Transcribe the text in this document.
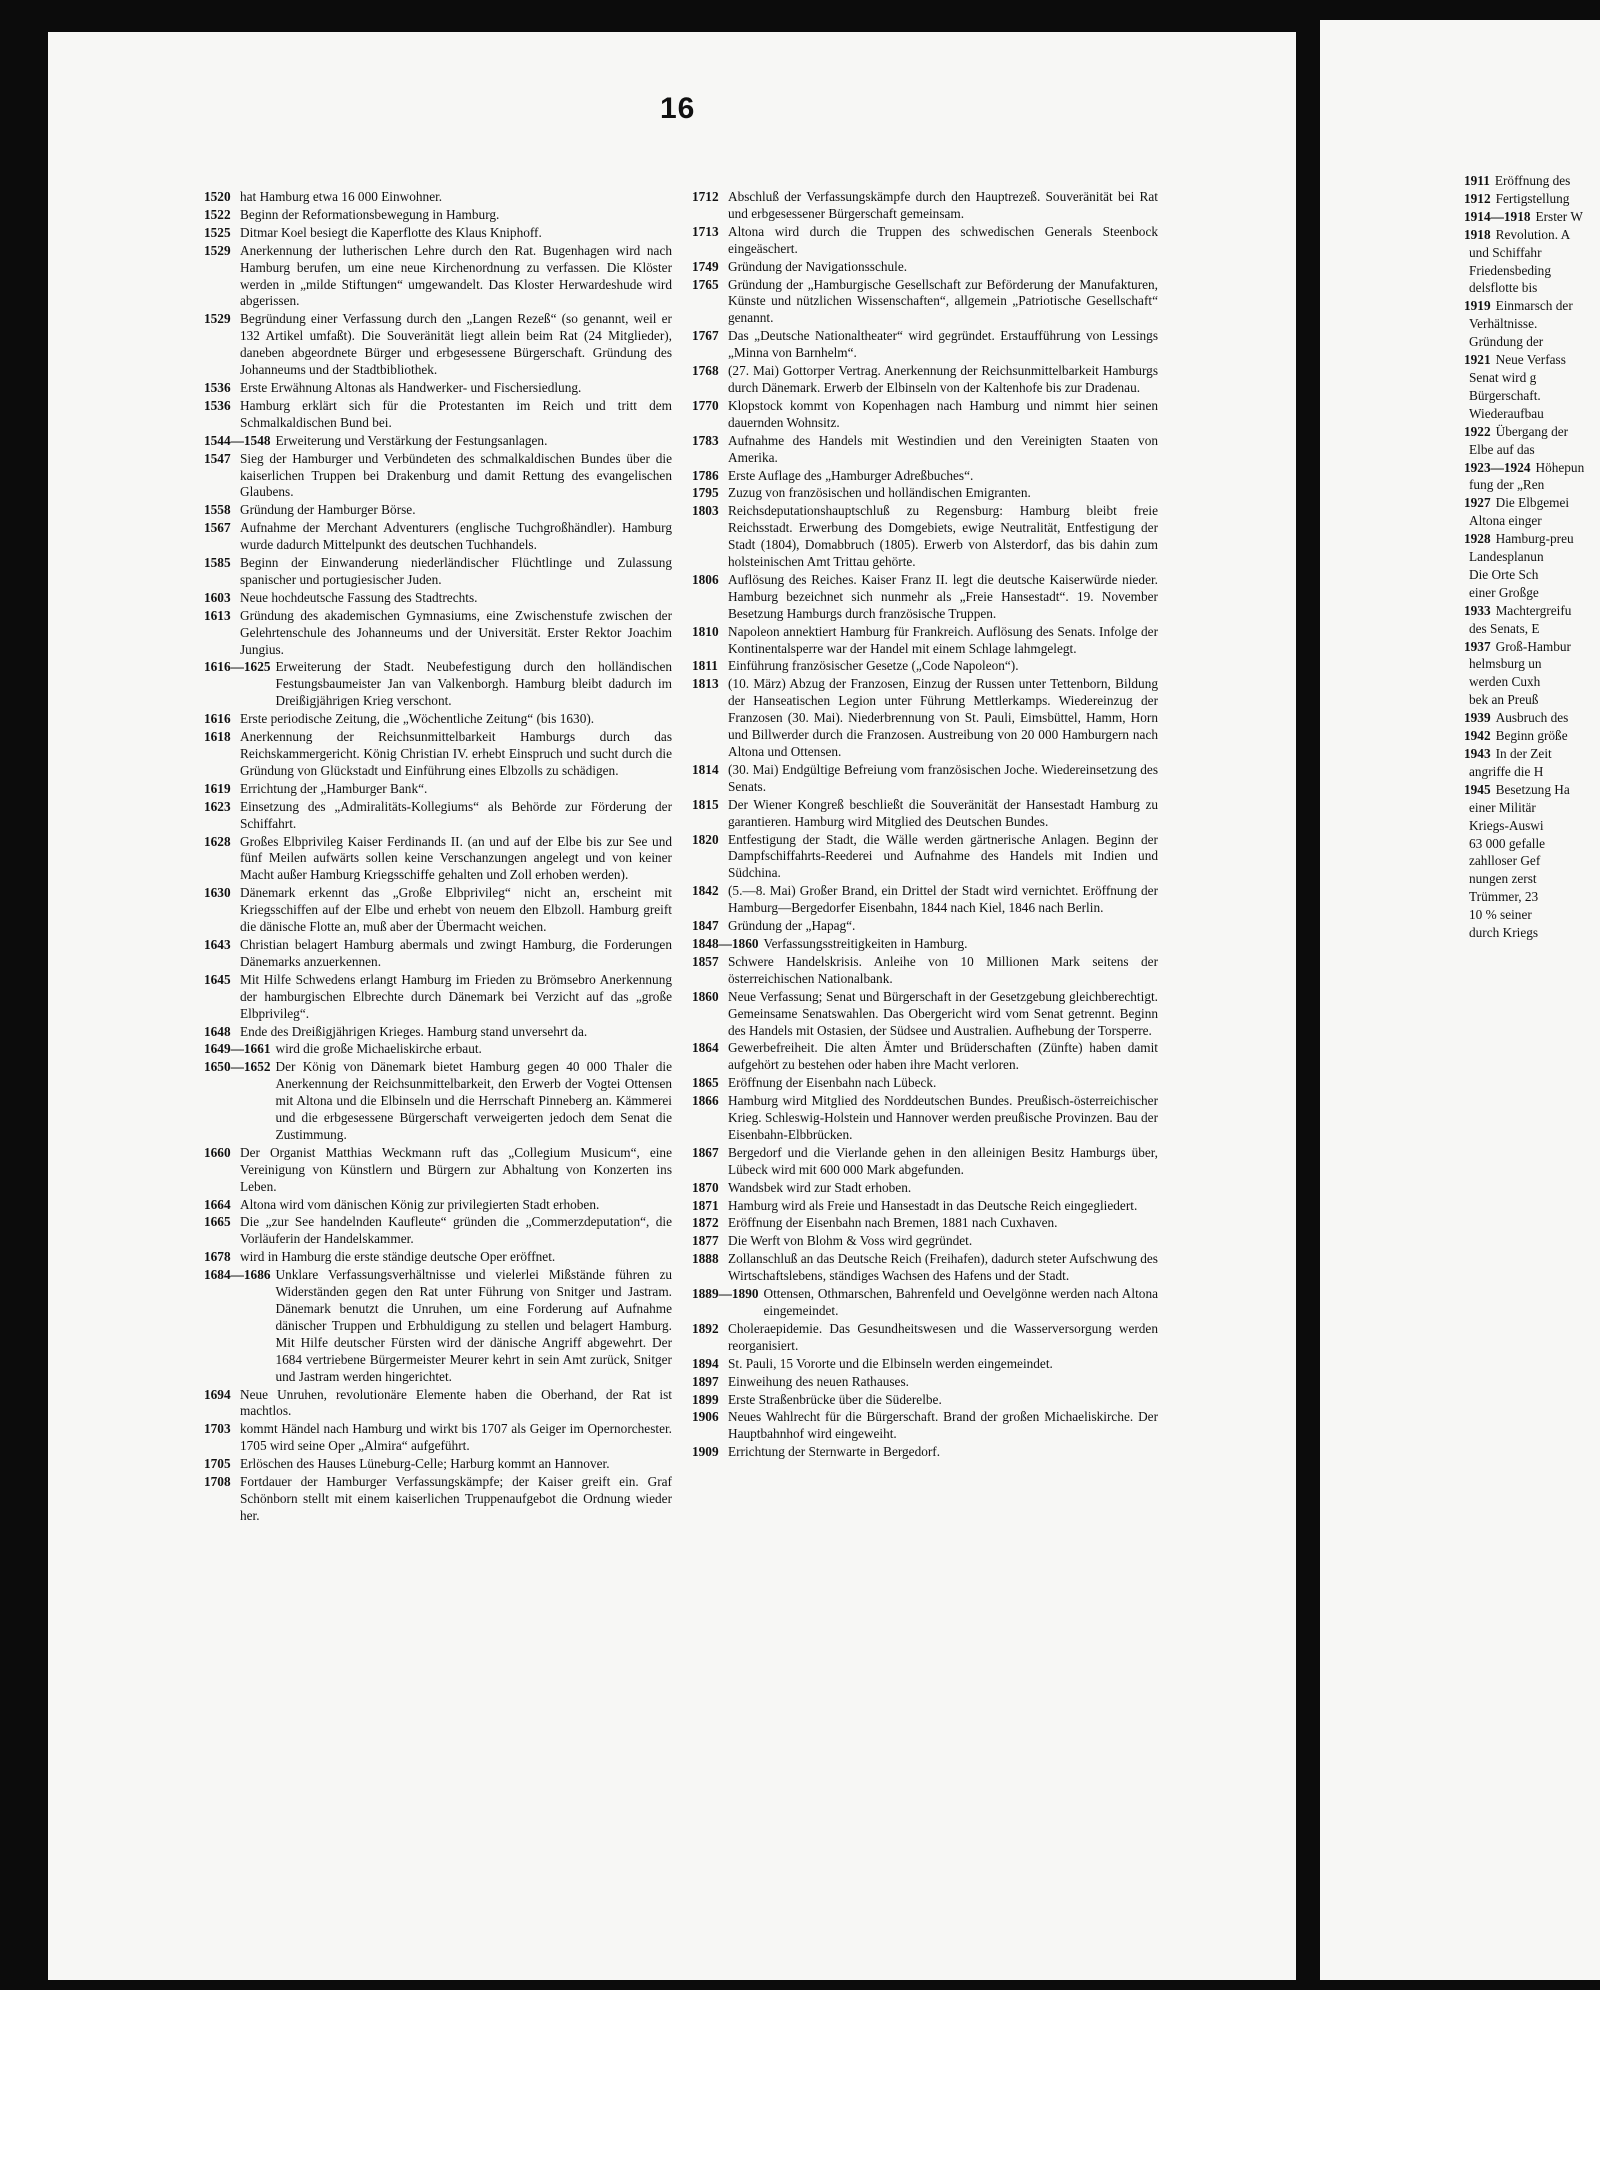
16
1520 hat Hamburg etwa 16 000 Einwohner.
1522 Beginn der Reformationsbewegung in Hamburg.
1525 Ditmar Koel besiegt die Kaperflotte des Klaus Kniphoff.
1529 Anerkennung der lutherischen Lehre durch den Rat. Bugenhagen wird nach Hamburg berufen, um eine neue Kirchenordnung zu verfassen. Die Klöster werden in „milde Stiftungen“ umgewandelt. Das Kloster Herwardeshude wird abgerissen.
1529 Begründung einer Verfassung durch den „Langen Rezeß“ (so genannt, weil er 132 Artikel umfaßt). Die Souveränität liegt allein beim Rat (24 Mitglieder), daneben abgeordnete Bürger und erbgesessene Bürgerschaft. Gründung des Johanneums und der Stadtbibliothek.
1536 Erste Erwähnung Altonas als Handwerker- und Fischersiedlung.
1536 Hamburg erklärt sich für die Protestanten im Reich und tritt dem Schmalkaldischen Bund bei.
1544—1548 Erweiterung und Verstärkung der Festungsanlagen.
1547 Sieg der Hamburger und Verbündeten des schmalkaldischen Bundes über die kaiserlichen Truppen bei Drakenburg und damit Rettung des evangelischen Glaubens.
1558 Gründung der Hamburger Börse.
1567 Aufnahme der Merchant Adventurers (englische Tuchgroßhändler). Hamburg wurde dadurch Mittelpunkt des deutschen Tuchhandels.
1585 Beginn der Einwanderung niederländischer Flüchtlinge und Zulassung spanischer und portugiesischer Juden.
1603 Neue hochdeutsche Fassung des Stadtrechts.
1613 Gründung des akademischen Gymnasiums, eine Zwischenstufe zwischen der Gelehrtenschule des Johanneums und der Universität. Erster Rektor Joachim Jungius.
1616—1625 Erweiterung der Stadt. Neubefestigung durch den holländischen Festungsbaumeister Jan van Valkenborgh. Hamburg bleibt dadurch im Dreißigjährigen Krieg verschont.
1616 Erste periodische Zeitung, die „Wöchentliche Zeitung“ (bis 1630).
1618 Anerkennung der Reichsunmittelbarkeit Hamburgs durch das Reichskammergericht. König Christian IV. erhebt Einspruch und sucht durch die Gründung von Glückstadt und Einführung eines Elbzolls zu schädigen.
1619 Errichtung der „Hamburger Bank“.
1623 Einsetzung des „Admiralitäts-Kollegiums“ als Behörde zur Förderung der Schiffahrt.
1628 Großes Elbprivileg Kaiser Ferdinands II. (an und auf der Elbe bis zur See und fünf Meilen aufwärts sollen keine Verschanzungen angelegt und von keiner Macht außer Hamburg Kriegsschiffe gehalten und Zoll erhoben werden).
1630 Dänemark erkennt das „Große Elbprivileg“ nicht an, erscheint mit Kriegsschiffen auf der Elbe und erhebt von neuem den Elbzoll. Hamburg greift die dänische Flotte an, muß aber der Übermacht weichen.
1643 Christian belagert Hamburg abermals und zwingt Hamburg, die Forderungen Dänemarks anzuerkennen.
1645 Mit Hilfe Schwedens erlangt Hamburg im Frieden zu Brömsebro Anerkennung der hamburgischen Elbrechte durch Dänemark bei Verzicht auf das „große Elbprivileg“.
1648 Ende des Dreißigjährigen Krieges. Hamburg stand unversehrt da.
1649—1661 wird die große Michaeliskirche erbaut.
1650—1652 Der König von Dänemark bietet Hamburg gegen 40 000 Thaler die Anerkennung der Reichsunmittelbarkeit, den Erwerb der Vogtei Ottensen mit Altona und die Elbinseln und die Herrschaft Pinneberg an. Kämmerei und die erbgesessene Bürgerschaft verweigerten jedoch dem Senat die Zustimmung.
1660 Der Organist Matthias Weckmann ruft das „Collegium Musicum“, eine Vereinigung von Künstlern und Bürgern zur Abhaltung von Konzerten ins Leben.
1664 Altona wird vom dänischen König zur privilegierten Stadt erhoben.
1665 Die „zur See handelnden Kaufleute“ gründen die „Commerzdeputation“, die Vorläuferin der Handelskammer.
1678 wird in Hamburg die erste ständige deutsche Oper eröffnet.
1684—1686 Unklare Verfassungsverhältnisse und vielerlei Mißstände führen zu Widerständen gegen den Rat unter Führung von Snitger und Jastram. Dänemark benutzt die Unruhen, um eine Forderung auf Aufnahme dänischer Truppen und Erbhuldigung zu stellen und belagert Hamburg. Mit Hilfe deutscher Fürsten wird der dänische Angriff abgewehrt. Der 1684 vertriebene Bürgermeister Meurer kehrt in sein Amt zurück, Snitger und Jastram werden hingerichtet.
1694 Neue Unruhen, revolutionäre Elemente haben die Oberhand, der Rat ist machtlos.
1703 kommt Händel nach Hamburg und wirkt bis 1707 als Geiger im Opernorchester. 1705 wird seine Oper „Almira“ aufgeführt.
1705 Erlöschen des Hauses Lüneburg-Celle; Harburg kommt an Hannover.
1708 Fortdauer der Hamburger Verfassungskämpfe; der Kaiser greift ein. Graf Schönborn stellt mit einem kaiserlichen Truppenaufgebot die Ordnung wieder her.
1712 Abschluß der Verfassungskämpfe durch den Hauptrezeß. Souveränität bei Rat und erbgesessener Bürgerschaft gemeinsam.
1713 Altona wird durch die Truppen des schwedischen Generals Steenbock eingeäschert.
1749 Gründung der Navigationsschule.
1765 Gründung der „Hamburgische Gesellschaft zur Beförderung der Manufakturen, Künste und nützlichen Wissenschaften“, allgemein „Patriotische Gesellschaft“ genannt.
1767 Das „Deutsche Nationaltheater“ wird gegründet. Erstaufführung von Lessings „Minna von Barnhelm“.
1768 (27. Mai) Gottorper Vertrag. Anerkennung der Reichsunmittelbarkeit Hamburgs durch Dänemark. Erwerb der Elbinseln von der Kaltenhofe bis zur Dradenau.
1770 Klopstock kommt von Kopenhagen nach Hamburg und nimmt hier seinen dauernden Wohnsitz.
1783 Aufnahme des Handels mit Westindien und den Vereinigten Staaten von Amerika.
1786 Erste Auflage des „Hamburger Adreßbuches“.
1795 Zuzug von französischen und holländischen Emigranten.
1803 Reichsdeputationshauptschluß zu Regensburg: Hamburg bleibt freie Reichsstadt. Erwerbung des Domgebiets, ewige Neutralität, Entfestigung der Stadt (1804), Domabbruch (1805). Erwerb von Alsterdorf, das bis dahin zum holsteinischen Amt Trittau gehörte.
1806 Auflösung des Reiches. Kaiser Franz II. legt die deutsche Kaiserwürde nieder. Hamburg bezeichnet sich nunmehr als „Freie Hansestadt“. 19. November Besetzung Hamburgs durch französische Truppen.
1810 Napoleon annektiert Hamburg für Frankreich. Auflösung des Senats. Infolge der Kontinentalsperre war der Handel mit einem Schlage lahmgelegt.
1811 Einführung französischer Gesetze („Code Napoleon“).
1813 (10. März) Abzug der Franzosen, Einzug der Russen unter Tettenborn, Bildung der Hanseatischen Legion unter Führung Mettlerkamps. Wiedereinzug der Franzosen (30. Mai). Niederbrennung von St. Pauli, Eimsbüttel, Hamm, Horn und Billwerder durch die Franzosen. Austreibung von 20 000 Hamburgern nach Altona und Ottensen.
1814 (30. Mai) Endgültige Befreiung vom französischen Joche. Wiedereinsetzung des Senats.
1815 Der Wiener Kongreß beschließt die Souveränität der Hansestadt Hamburg zu garantieren. Hamburg wird Mitglied des Deutschen Bundes.
1820 Entfestigung der Stadt, die Wälle werden gärtnerische Anlagen. Beginn der Dampfschiffahrts-Reederei und Aufnahme des Handels mit Indien und Südchina.
1842 (5.—8. Mai) Großer Brand, ein Drittel der Stadt wird vernichtet. Eröffnung der Hamburg—Bergedorfer Eisenbahn, 1844 nach Kiel, 1846 nach Berlin.
1847 Gründung der „Hapag“.
1848—1860 Verfassungsstreitigkeiten in Hamburg.
1857 Schwere Handelskrisis. Anleihe von 10 Millionen Mark seitens der österreichischen Nationalbank.
1860 Neue Verfassung; Senat und Bürgerschaft in der Gesetzgebung gleichberechtigt. Gemeinsame Senatswahlen. Das Obergericht wird vom Senat getrennt. Beginn des Handels mit Ostasien, der Südsee und Australien. Aufhebung der Torsperre.
1864 Gewerbefreiheit. Die alten Ämter und Brüderschaften (Zünfte) haben damit aufgehört zu bestehen oder haben ihre Macht verloren.
1865 Eröffnung der Eisenbahn nach Lübeck.
1866 Hamburg wird Mitglied des Norddeutschen Bundes. Preußisch-österreichischer Krieg. Schleswig-Holstein und Hannover werden preußische Provinzen. Bau der Eisenbahn-Elbbrücken.
1867 Bergedorf und die Vierlande gehen in den alleinigen Besitz Hamburgs über, Lübeck wird mit 600 000 Mark abgefunden.
1870 Wandsbek wird zur Stadt erhoben.
1871 Hamburg wird als Freie und Hansestadt in das Deutsche Reich eingegliedert.
1872 Eröffnung der Eisenbahn nach Bremen, 1881 nach Cuxhaven.
1877 Die Werft von Blohm & Voss wird gegründet.
1888 Zollanschluß an das Deutsche Reich (Freihafen), dadurch steter Aufschwung des Wirtschaftslebens, ständiges Wachsen des Hafens und der Stadt.
1889—1890 Ottensen, Othmarschen, Bahrenfeld und Oevelgönne werden nach Altona eingemeindet.
1892 Choleraepidemie. Das Gesundheitswesen und die Wasserversorgung werden reorganisiert.
1894 St. Pauli, 15 Vororte und die Elbinseln werden eingemeindet.
1897 Einweihung des neuen Rathauses.
1899 Erste Straßenbrücke über die Süderelbe.
1906 Neues Wahlrecht für die Bürgerschaft. Brand der großen Michaeliskirche. Der Hauptbahnhof wird eingeweiht.
1909 Errichtung der Sternwarte in Bergedorf.
1911 Eröffnung des
1912 Fertigstellung
1914—1918 Erster W
1918 Revolution. A
und Schiffahr
Friedensbeding
delsflotte bis
1919 Einmarsch der
Verhältnisse.
Gründung der
1921 Neue Verfass
Senat wird g
Bürgerschaft.
Wiederaufbau
1922 Übergang der
Elbe auf das
1923—1924 Höhepun
fung der „Ren
1927 Die Elbgemei
Altona einger
1928 Hamburg-preu
Landesplanun
Die Orte Sch
einer Großge
1933 Machtergreifu
des Senats, E
1937 Groß-Hambur
helmsburg un
werden Cuxh
bek an Preuß
1939 Ausbruch des
1942 Beginn größe
1943 In der Zeit
angriffe die H
1945 Besetzung Ha
einer Militär
Kriegs-Auswi
63 000 gefalle
zahlloser Gef
nungen zerst
Trümmer, 23
10 % seiner
durch Kriegs
